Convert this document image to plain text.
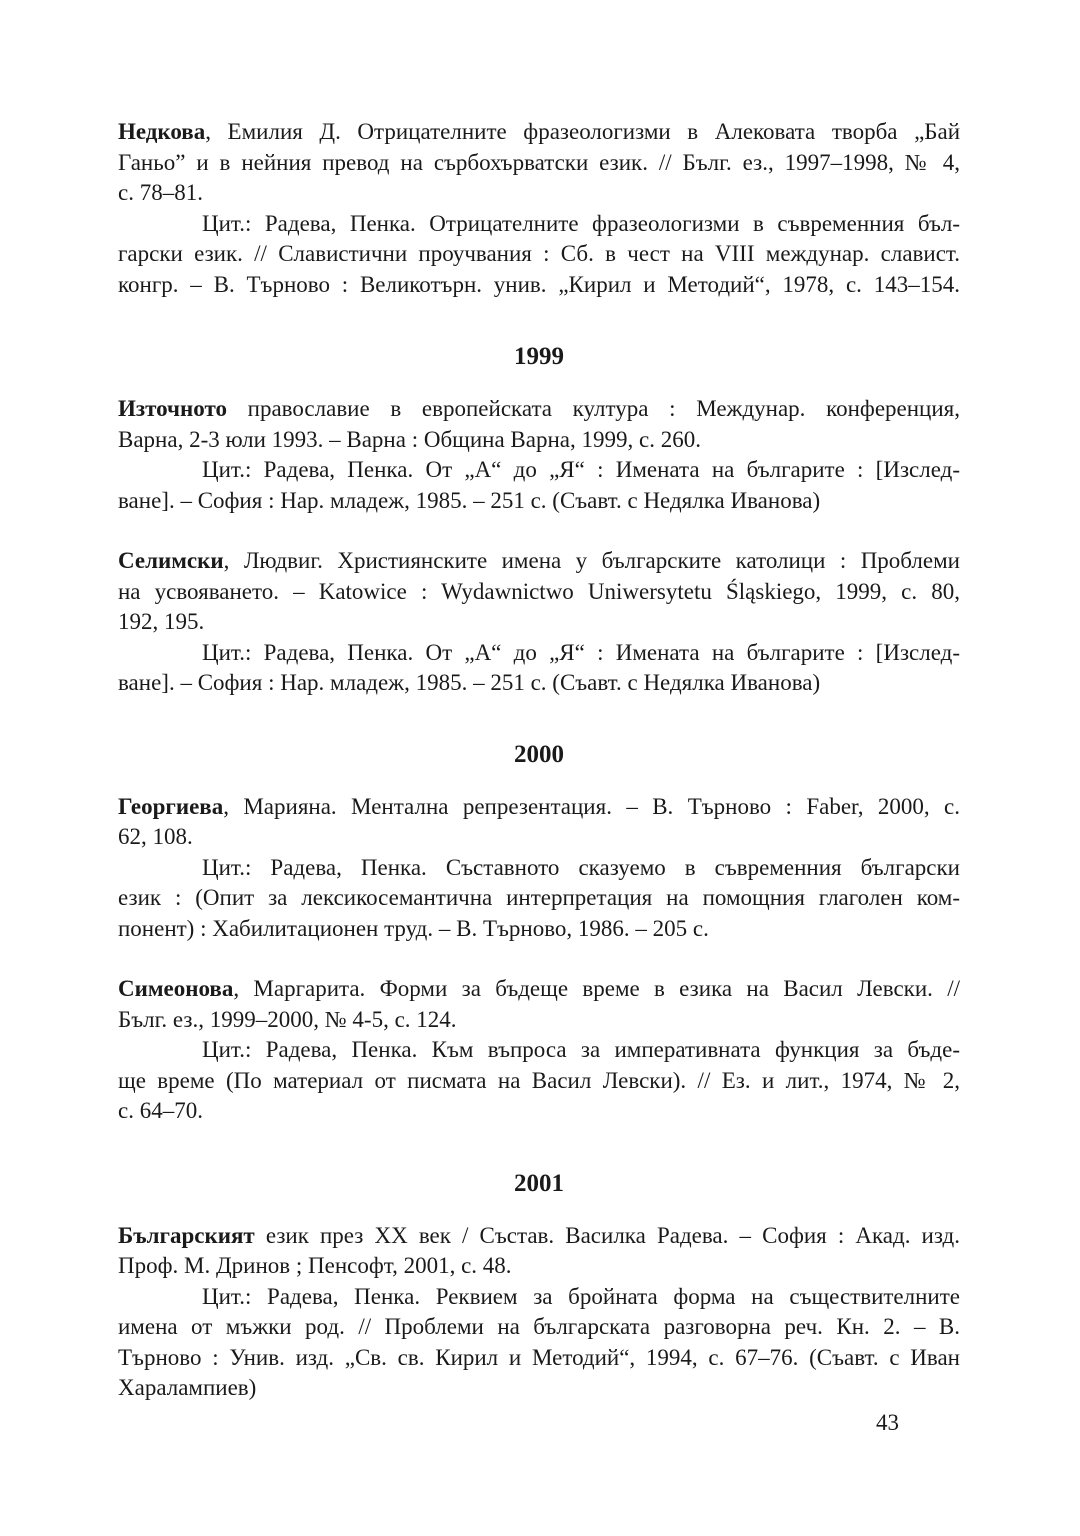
Недкова, Емилия Д. Отрицателните фразеологизми в Алековата творба „Бай
Ганьо” и в нейния превод на сърбохърватски език. // Бълг. ез., 1997–1998, № 4,
с. 78–81.
Цит.: Радева, Пенка. Отрицателните фразеологизми в съвременния бъл-
гарски език. // Славистични проучвания : Сб. в чест на VIII междунар. славист.
конгр. – В. Търново : Великотърн. унив. „Кирил и Методий“, 1978, с. 143–154.
1999
Източното православие в европейската култура : Междунар. конференция,
Варна, 2-3 юли 1993. – Варна : Община Варна, 1999, с. 260.
Цит.: Радева, Пенка. От „А“ до „Я“ : Имената на българите : [Изслед-
ване]. – София : Нар. младеж, 1985. – 251 с. (Съавт. с Недялка Иванова)
Селимски, Людвиг. Християнските имена у българските католици : Проблеми
на усвояването. – Katowice : Wydawnictwo Uniwersytetu Śląskiego, 1999, с. 80,
192, 195.
Цит.: Радева, Пенка. От „А“ до „Я“ : Имената на българите : [Изслед-
ване]. – София : Нар. младеж, 1985. – 251 с. (Съавт. с Недялка Иванова)
2000
Георгиева, Марияна. Ментална репрезентация. – В. Търново : Faber, 2000, с.
62, 108.
Цит.: Радева, Пенка. Съставното сказуемо в съвременния български
език : (Опит за лексикосемантична интерпретация на помощния глаголен ком-
понент) : Хабилитационен труд. – В. Търново, 1986. – 205 с.
Симеонова, Маргарита. Форми за бъдеще време в езика на Васил Левски. //
Бълг. ез., 1999–2000, № 4-5, с. 124.
Цит.: Радева, Пенка. Към въпроса за императивната функция за бъде-
ще време (По материал от писмата на Васил Левски). // Ез. и лит., 1974, № 2,
с. 64–70.
2001
Българският език през ХХ век / Състав. Василка Радева. – София : Акад. изд.
Проф. М. Дринов ; Пенсофт, 2001, с. 48.
Цит.: Радева, Пенка. Реквием за бройната форма на съществителните
имена от мъжки род. // Проблеми на българската разговорна реч. Кн. 2. – В.
Търново : Унив. изд. „Св. св. Кирил и Методий“, 1994, с. 67–76. (Съавт. с Иван
Харалампиев)
43
